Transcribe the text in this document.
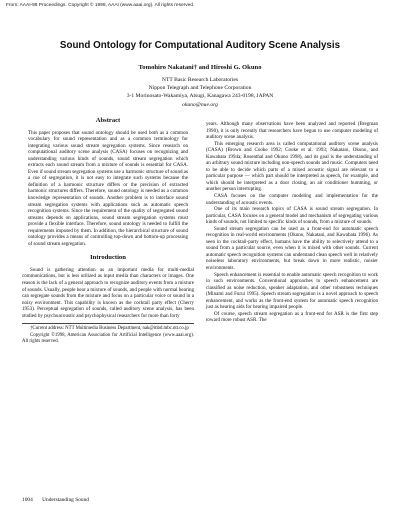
From: AAAI-98 Proceedings. Copyright © 1998, AAAI (www.aaai.org). All rights reserved.
Sound Ontology for Computational Auditory Scene Analysis
Tomohiro Nakatani† and Hiroshi G. Okuno
NTT Basic Research Laboratories
Nippon Telegraph and Telephone Corporation
3-1 Morinosato-Wakamiya, Atsugi, Kanagawa 243-0198, JAPAN
okuno@nue.org
Abstract

This paper proposes that sound ontology should be used both as a common vocabulary for sound representation and as a common terminology for integrating various sound stream segregation systems. Since research on computational auditory scene analysis (CASA) focuses on recognizing and understanding various kinds of sounds, sound stream segregation which extracts each sound stream from a mixture of sounds is essential for CASA. Even if sound stream segregation systems use a harmonic structure of sound as a cue of segregation, it is not easy to integrate such systems because the definition of a harmonic structure differs or the precision of extracted harmonic structures differs. Therefore, sound ontology is needed as a common knowledge representation of sounds. Another problem is to interface sound stream segregation systems with applications such as automatic speech recognition systems. Since the requirement of the quality of segregated sound streams depends on applications, sound stream segregation systems must provide a flexible interface. Therefore, sound ontology is needed to fulfill the requirements imposed by them. In addition, the hierarchical structure of sound ontology provides a means of controlling top-down and bottom-up processing of sound stream segregation.

Introduction

Sound is gathering attention as an important media for multi-medial communications, but is less utilized as input media than characters or images. One reason is the lack of a general approach to recognize auditory events from a mixture of sounds. Usually, people hear a mixture of sounds, and people with normal hearing can segregate sounds from the mixture and focus on a particular voice or sound in a noisy environment. This capability is known as the cocktail party effect (Cherry 1953). Perceptual segregation of sounds, called auditory scene analysis, has been studied by psychoacoustic and psychophysical researchers for more than forty

†Current address: NTT Multimedia Business Department, nak@mbd.mbc.ntt.co.jp

Copyright ©1998, American Association for Artificial Intelligence (www.aaai.org). All rights reserved.

years. Although many observations have been analyzed and reported (Bregman 1990), it is only recently that researchers have begun to use computer modeling of auditory scene analysis.

This emerging research area is called computational auditory scene analysis (CASA) (Brown and Cooke 1992; Cooke et al. 1993; Nakatani, Okuno, and Kawabata 1994a; Rosenthal and Okuno 1998), and its goal is the understanding of an arbitrary sound mixture including non-speech sounds and music. Computers need to be able to decide which parts of a mixed acoustic signal are relevant to a particular purpose — which part should be interpreted as speech, for example, and which should be interpreted as a door closing, an air conditioner humming, or another person interrupting.

CASA focuses on the computer modeling and implementation for the understanding of acoustic events.

One of its main research topics of CASA is sound stream segregation. In particular, CASA focuses on a general model and mechanism of segregating various kinds of sounds, not limited to specific kinds of sounds, from a mixture of sounds.

Sound stream segregation can be used as a front-end for automatic speech recognition in real-world environments (Okuno, Nakatani, and Kawabata 1996). As seen in the cocktail-party effect, humans have the ability to selectively attend to a sound from a particular source, even when it is mixed with other sounds. Current automatic speech recognition systems can understand clean speech well in relatively noiseless laboratory environments, but break down in more realistic, noisier environments.

Speech enhancement is essential to enable automatic speech recognition to work in such environments. Conventional approaches to speech enhancement are classified as noise reduction, speaker adaptation, and other robustness techniques (Minami and Furui 1995). Speech stream segregation is a novel approach to speech enhancement, and works as the front-end system for automatic speech recognition just as hearing aids for hearing impaired people.

Of course, speech stream segregation as a front-end for ASR is the first step toward more robust ASR. The

1004 Understanding Sound
